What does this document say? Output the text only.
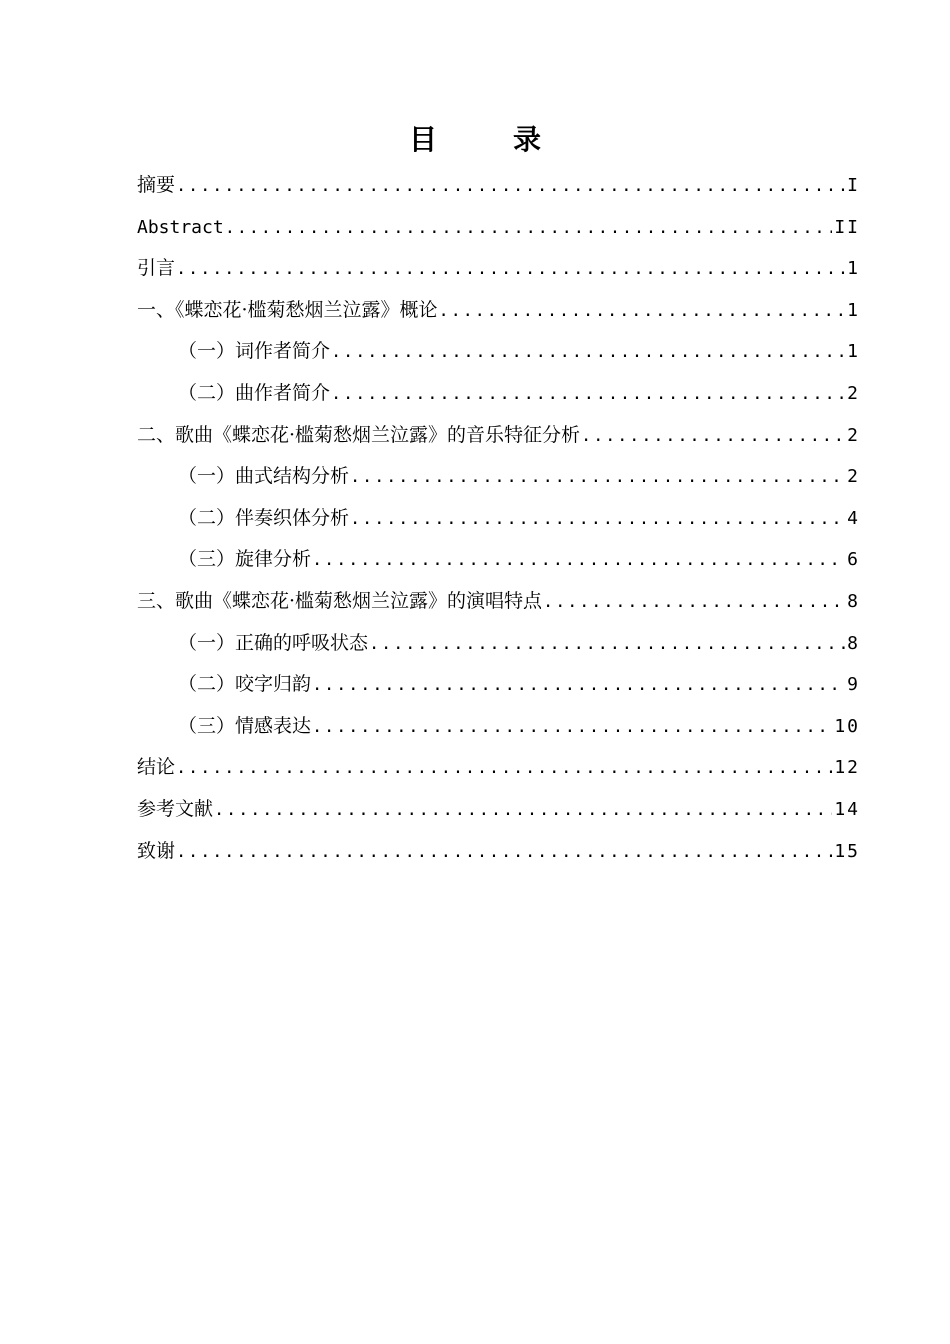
目　录
摘要 .....	I
Abstract .....	II
引言 .....	1
一、《蝶恋花·槛菊愁烟兰泣露》概论 .....	1
（一）词作者简介 .....	1
（二）曲作者简介 .....	2
二、歌曲《蝶恋花·槛菊愁烟兰泣露》的音乐特征分析 .....	2
（一）曲式结构分析 .....	2
（二）伴奏织体分析 .....	4
（三）旋律分析 .....	6
三、歌曲《蝶恋花·槛菊愁烟兰泣露》的演唱特点 .....	8
（一）正确的呼吸状态 .....	8
（二）咬字归韵 .....	9
（三）情感表达 .....	10
结论 .....	12
参考文献 .....	14
致谢 .....	15
